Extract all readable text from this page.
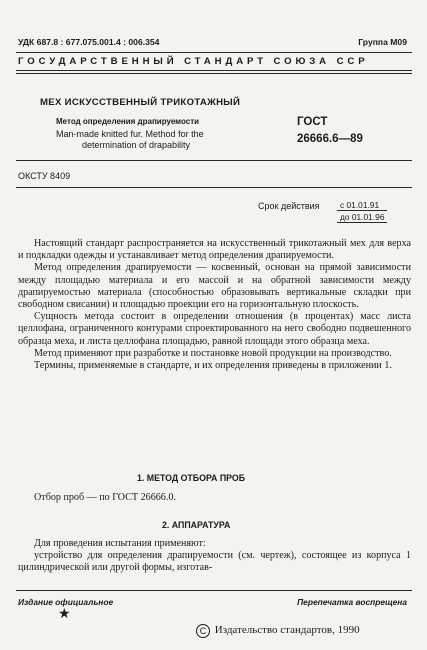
УДК 687.8 : 677.075.001.4 : 006.354	Группа М09
ГОСУДАРСТВЕННЫЙ СТАНДАРТ СОЮЗА ССР
МЕХ ИСКУССТВЕННЫЙ ТРИКОТАЖНЫЙ
Метод определения драпируемости
Man-made knitted fur. Method for the
determination of drapability
ГОСТ
26666.6—89
ОКСТУ 8409
Срок действия с 01.01.91
до 01.01.96

Настоящий стандарт распространяется на искусственный трикотажный мех для верха и подкладки одежды и устанавливает метод определения драпируемости.

Метод определения драпируемости — косвенный, основан на прямой зависимости между площадью материала и его массой и на обратной зависимости между драпируемостью материала (способностью образовывать вертикальные складки при свободном свисании) и площадью проекции его на горизонтальную плоскость.

Сущность метода состоит в определении отношения (в процентах) масс листа целлофана, ограниченного контурами спроектированного на него свободно подвешенного образца меха, и листа целлофана площадью, равной площади этого образца меха.

Метод применяют при разработке и постановке новой продукции на производство.

Термины, применяемые в стандарте, и их определения приведены в приложении 1.

1. МЕТОД ОТБОРА ПРОБ
Отбор проб — по ГОСТ 26666.0.
2. АППАРАТУРА

Для проведения испытания применяют:

устройство для определения драпируемости (см. чертеж), состоящее из корпуса 1 цилиндрической или другой формы, изготав-

Издание официальное	Перепечатка воспрещена
★
С Издательство стандартов, 1990
